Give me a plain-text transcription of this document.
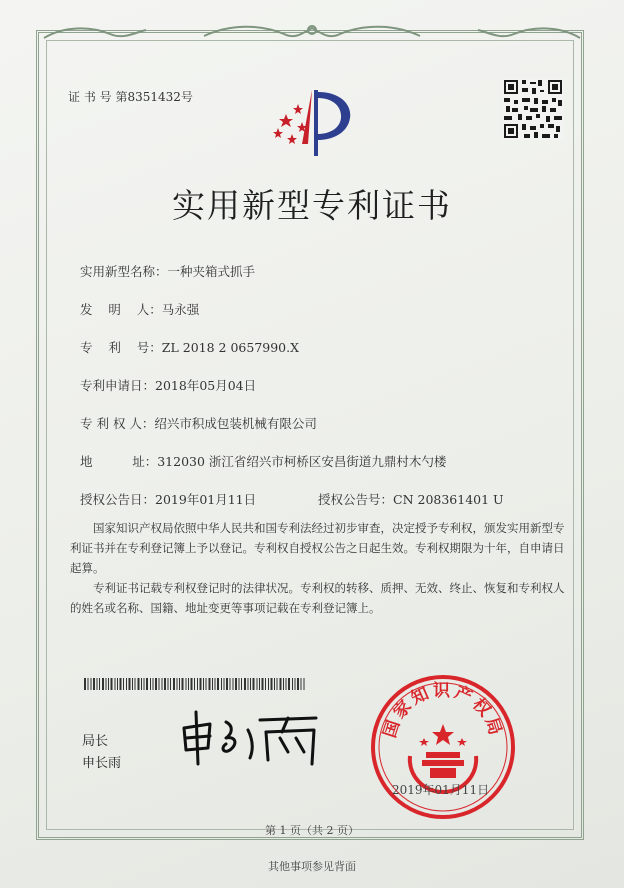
证 书 号 第8351432号
实用新型专利证书
实用新型名称：一种夹箱式抓手
发    明    人：马永强
专    利    号：ZL 2018 2 0657990.X
专利申请日：2018年05月04日
专 利 权 人：绍兴市积成包装机械有限公司
地          址：312030 浙江省绍兴市柯桥区安昌街道九鼎村木勺楼
授权公告日：2019年01月11日	授权公告号：CN 208361401 U
国家知识产权局依照中华人民共和国专利法经过初步审查，决定授予专利权，颁发实用新型专利证书并在专利登记簿上予以登记。专利权自授权公告之日起生效。专利权期限为十年，自申请日起算。
专利证书记载专利权登记时的法律状况。专利权的转移、质押、无效、终止、恢复和专利权人的姓名或名称、国籍、地址变更等事项记载在专利登记簿上。
局长
申长雨
国家知识产权局
2019年01月11日
第 1 页（共 2 页）
其他事项参见背面
